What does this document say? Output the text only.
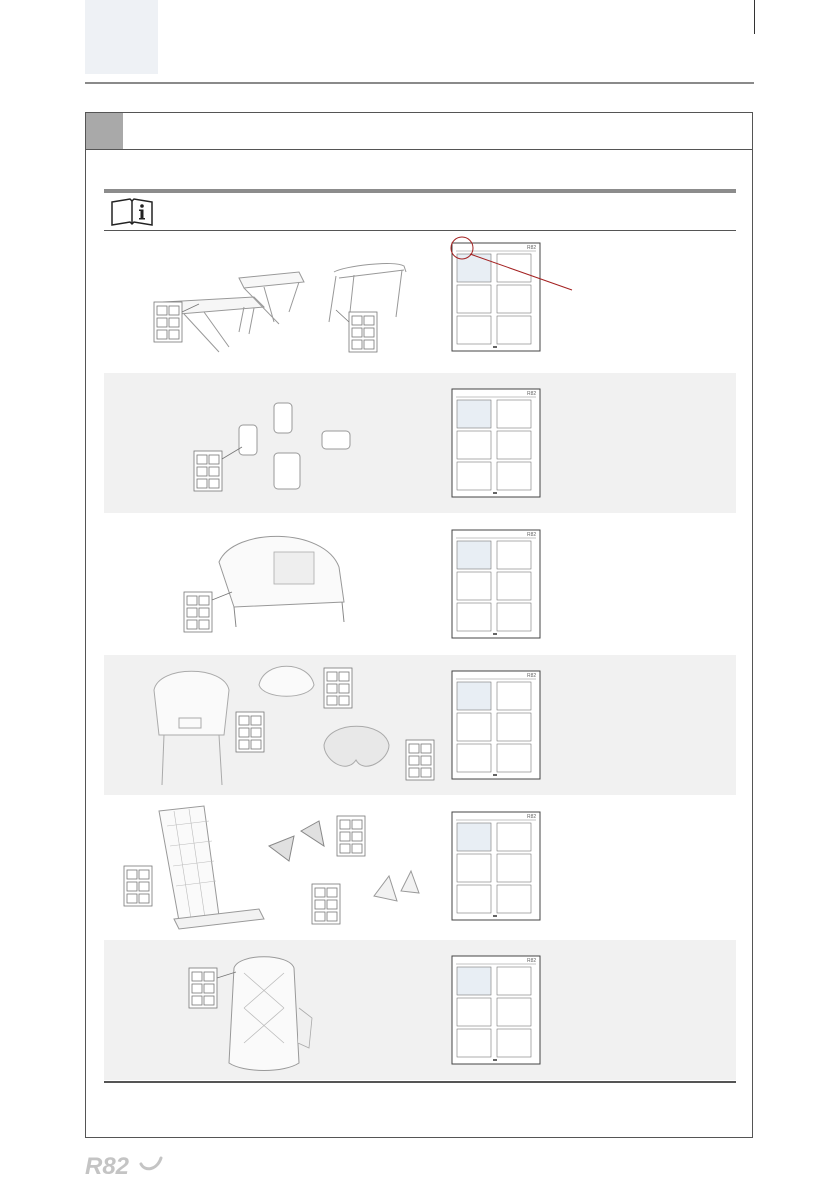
R82
R82
R82
R82
R82
R82
R82
